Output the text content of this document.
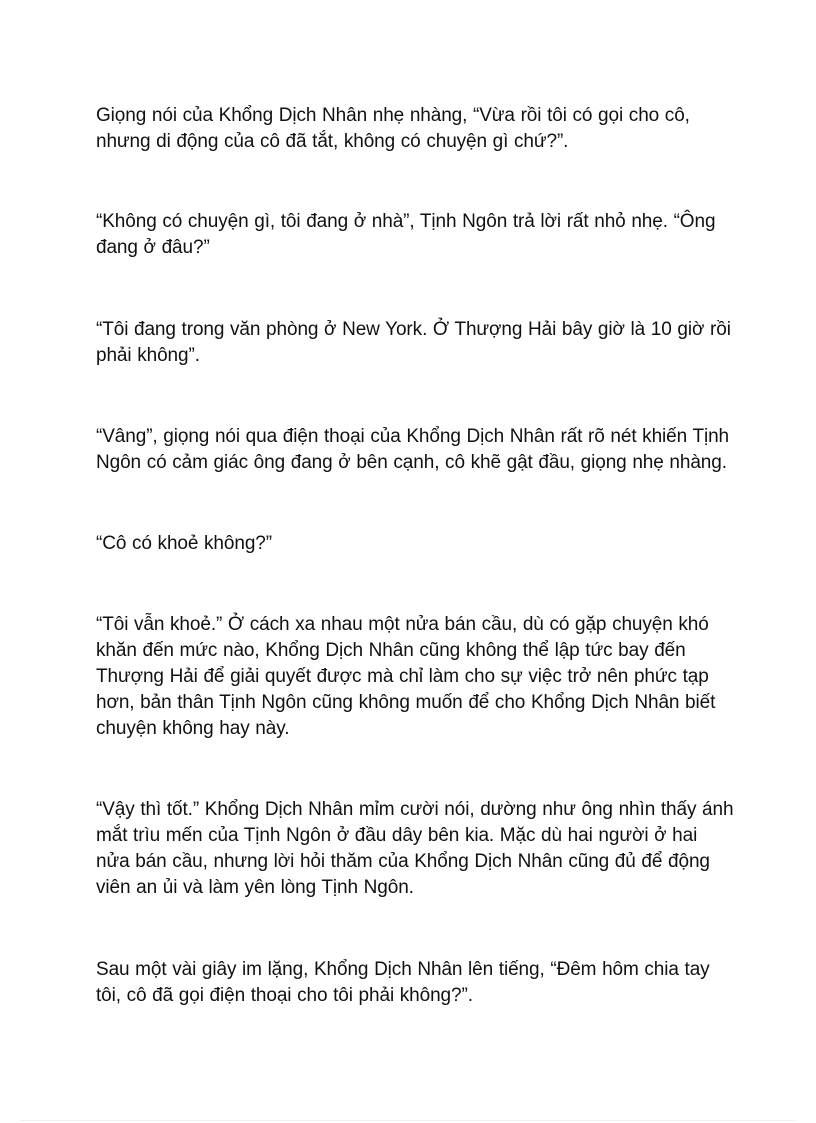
Giọng nói của Khổng Dịch Nhân nhẹ nhàng, “Vừa rồi tôi có gọi cho cô, nhưng di động của cô đã tắt, không có chuyện gì chứ?”.

“Không có chuyện gì, tôi đang ở nhà”, Tịnh Ngôn trả lời rất nhỏ nhẹ. “Ông đang ở đâu?”

“Tôi đang trong văn phòng ở New York. Ở Thượng Hải bây giờ là 10 giờ rồi phải không”.

“Vâng”, giọng nói qua điện thoại của Khổng Dịch Nhân rất rõ nét khiến Tịnh Ngôn có cảm giác ông đang ở bên cạnh, cô khẽ gật đầu, giọng nhẹ nhàng.

“Cô có khoẻ không?”

“Tôi vẫn khoẻ.” Ở cách xa nhau một nửa bán cầu, dù có gặp chuyện khó khăn đến mức nào, Khổng Dịch Nhân cũng không thể lập tức bay đến Thượng Hải để giải quyết được mà chỉ làm cho sự việc trở nên phức tạp hơn, bản thân Tịnh Ngôn cũng không muốn để cho Khổng Dịch Nhân biết chuyện không hay này.

“Vậy thì tốt.” Khổng Dịch Nhân mỉm cười nói, dường như ông nhìn thấy ánh mắt trìu mến của Tịnh Ngôn ở đầu dây bên kia. Mặc dù hai người ở hai nửa bán cầu, nhưng lời hỏi thăm của Khổng Dịch Nhân cũng đủ để động viên an ủi và làm yên lòng Tịnh Ngôn.

Sau một vài giây im lặng, Khổng Dịch Nhân lên tiếng, “Đêm hôm chia tay tôi, cô đã gọi điện thoại cho tôi phải không?”.
